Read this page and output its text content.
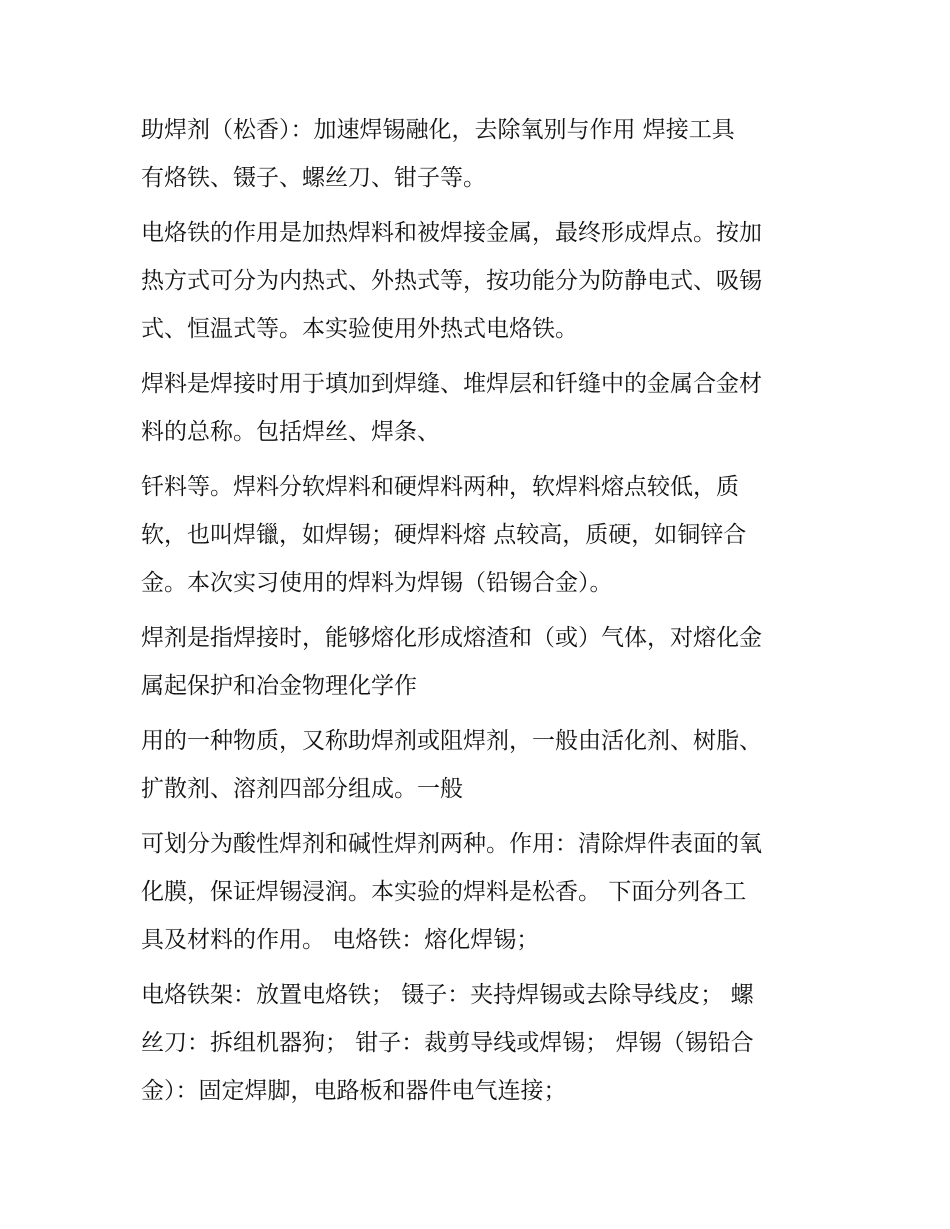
助焊剂（松香）：加速焊锡融化，去除氧别与作用 焊接工具
有烙铁、镊子、螺丝刀、钳子等。
电烙铁的作用是加热焊料和被焊接金属，最终形成焊点。按加
热方式可分为内热式、外热式等，按功能分为防静电式、吸锡
式、恒温式等。本实验使用外热式电烙铁。
焊料是焊接时用于填加到焊缝、堆焊层和钎缝中的金属合金材
料的总称。包括焊丝、焊条、
钎料等。焊料分软焊料和硬焊料两种，软焊料熔点较低，质
软，也叫焊镴，如焊锡；硬焊料熔 点较高，质硬，如铜锌合
金。本次实习使用的焊料为焊锡（铅锡合金）。
焊剂是指焊接时，能够熔化形成熔渣和（或）气体，对熔化金
属起保护和冶金物理化学作
用的一种物质，又称助焊剂或阻焊剂，一般由活化剂、树脂、
扩散剂、溶剂四部分组成。一般
可划分为酸性焊剂和碱性焊剂两种。作用：清除焊件表面的氧
化膜，保证焊锡浸润。本实验的焊料是松香。 下面分列各工
具及材料的作用。 电烙铁：熔化焊锡；
电烙铁架：放置电烙铁； 镊子：夹持焊锡或去除导线皮； 螺
丝刀：拆组机器狗； 钳子：裁剪导线或焊锡； 焊锡（锡铅合
金）：固定焊脚，电路板和器件电气连接；
